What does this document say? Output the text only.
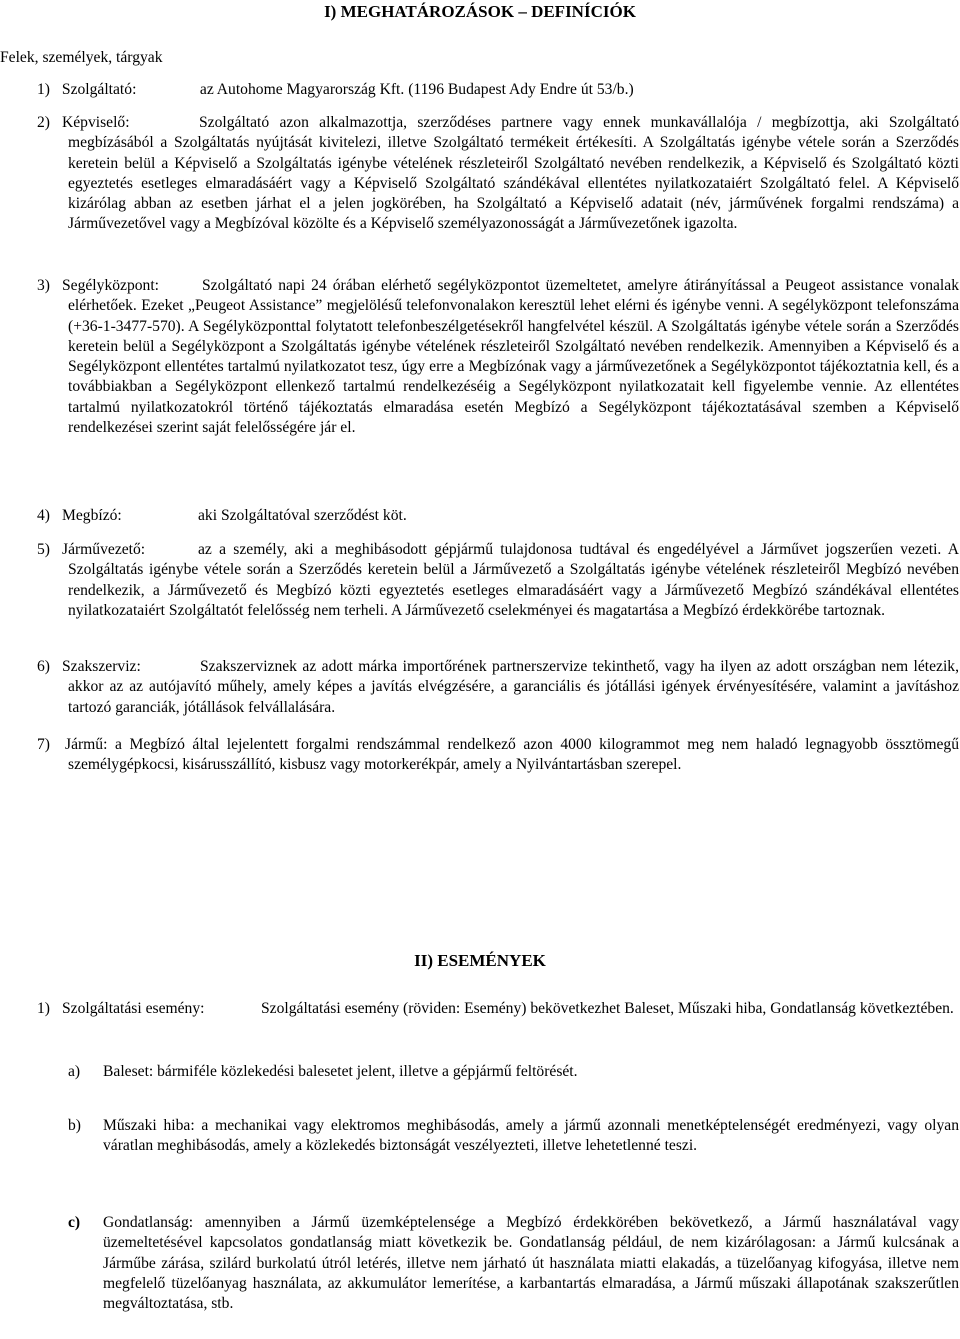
I) MEGHATÁROZÁSOK – DEFINÍCIÓK
Felek, személyek, tárgyak
1) Szolgáltató:	az Autohome Magyarország Kft. (1196 Budapest Ady Endre út 53/b.)
2) Képviselő:	Szolgáltató azon alkalmazottja, szerződéses partnere vagy ennek munkavállalója / megbízottja, aki Szolgáltató megbízásából a Szolgáltatás nyújtását kivitelezi, illetve Szolgáltató termékeit értékesíti. A Szolgáltatás igénybe vétele során a Szerződés keretein belül a Képviselő a Szolgáltatás igénybe vételének részleteiről Szolgáltató nevében rendelkezik, a Képviselő és Szolgáltató közti egyeztetés esetleges elmaradásáért vagy a Képviselő Szolgáltató szándékával ellentétes nyilatkozataiért Szolgáltató felel. A Képviselő kizárólag abban az esetben járhat el a jelen jogkörében, ha Szolgáltató a Képviselő adatait (név, járművének forgalmi rendszáma) a Járművezetővel vagy a Megbízóval közölte és a Képviselő személyazonosságát a Járművezetőnek igazolta.
3) Segélyközpont:	Szolgáltató napi 24 órában elérhető segélyközpontot üzemeltetet, amelyre átirányítással a Peugeot assistance vonalak elérhetőek. Ezeket „Peugeot Assistance” megjelölésű telefonvonalakon keresztül lehet elérni és igénybe venni. A segélyközpont telefonszáma (+36-1-3477-570). A Segélyközponttal folytatott telefonbeszélgetésekről hangfelvétel készül. A Szolgáltatás igénybe vétele során a Szerződés keretein belül a Segélyközpont a Szolgáltatás igénybe vételének részleteiről Szolgáltató nevében rendelkezik. Amennyiben a Képviselő és a Segélyközpont ellentétes tartalmú nyilatkozatot tesz, úgy erre a Megbízónak vagy a járművezetőnek a Segélyközpontot tájékoztatnia kell, és a továbbiakban a Segélyközpont ellenkező tartalmú rendelkezéséig a Segélyközpont nyilatkozatait kell figyelembe vennie. Az ellentétes tartalmú nyilatkozatokról történő tájékoztatás elmaradása esetén Megbízó a Segélyközpont tájékoztatásával szemben a Képviselő rendelkezései szerint saját felelősségére jár el.
4) Megbízó:	aki Szolgáltatóval szerződést köt.
5) Járművezető:	az a személy, aki a meghibásodott gépjármű tulajdonosa tudtával és engedélyével a Járművet jogszerűen vezeti. A Szolgáltatás igénybe vétele során a Szerződés keretein belül a Járművezető a Szolgáltatás igénybe vételének részleteiről Megbízó nevében rendelkezik, a Járművezető és Megbízó közti egyeztetés esetleges elmaradásáért vagy a Járművezető Megbízó szándékával ellentétes nyilatkozataiért Szolgáltatót felelősség nem terheli. A Járművezető cselekményei és magatartása a Megbízó érdekkörébe tartoznak.
6) Szakszerviz:	Szakszerviznek az adott márka importőrének partnerszervize tekinthető, vagy ha ilyen az adott országban nem létezik, akkor az az autójavító műhely, amely képes a javítás elvégzésére, a garanciális és jótállási igények érvényesítésére, valamint a javításhoz tartozó garanciák, jótállások felvállalására.
7) Jármű: a Megbízó által lejelentett forgalmi rendszámmal rendelkező azon 4000 kilogrammot meg nem haladó legnagyobb össztömegű személygépkocsi, kisárusszállító, kisbusz vagy motorkerékpár, amely a Nyilvántartásban szerepel.
II) ESEMÉNYEK
1) Szolgáltatási esemény:	Szolgáltatási esemény (röviden: Esemény) bekövetkezhet Baleset, Műszaki hiba, Gondatlanság következtében.
a)	Baleset: bármiféle közlekedési balesetet jelent, illetve a gépjármű feltörését.
b)	Műszaki hiba: a mechanikai vagy elektromos meghibásodás, amely a jármű azonnali menetképtelenségét eredményezi, vagy olyan váratlan meghibásodás, amely a közlekedés biztonságát veszélyezteti, illetve lehetetlenné teszi.
c)	Gondatlanság: amennyiben a Jármű üzemképtelensége a Megbízó érdekkörében bekövetkező, a Jármű használatával vagy üzemeltetésével kapcsolatos gondatlanság miatt következik be. Gondatlanság például, de nem kizárólagosan: a Jármű kulcsának a Járműbe zárása, szilárd burkolatú útról letérés, illetve nem járható út használata miatti elakadás, a tüzelőanyag kifogyása, illetve nem megfelelő tüzelőanyag használata, az akkumulátor lemerítése, a karbantartás elmaradása, a Jármű műszaki állapotának szakszerűtlen megváltoztatása, stb.
